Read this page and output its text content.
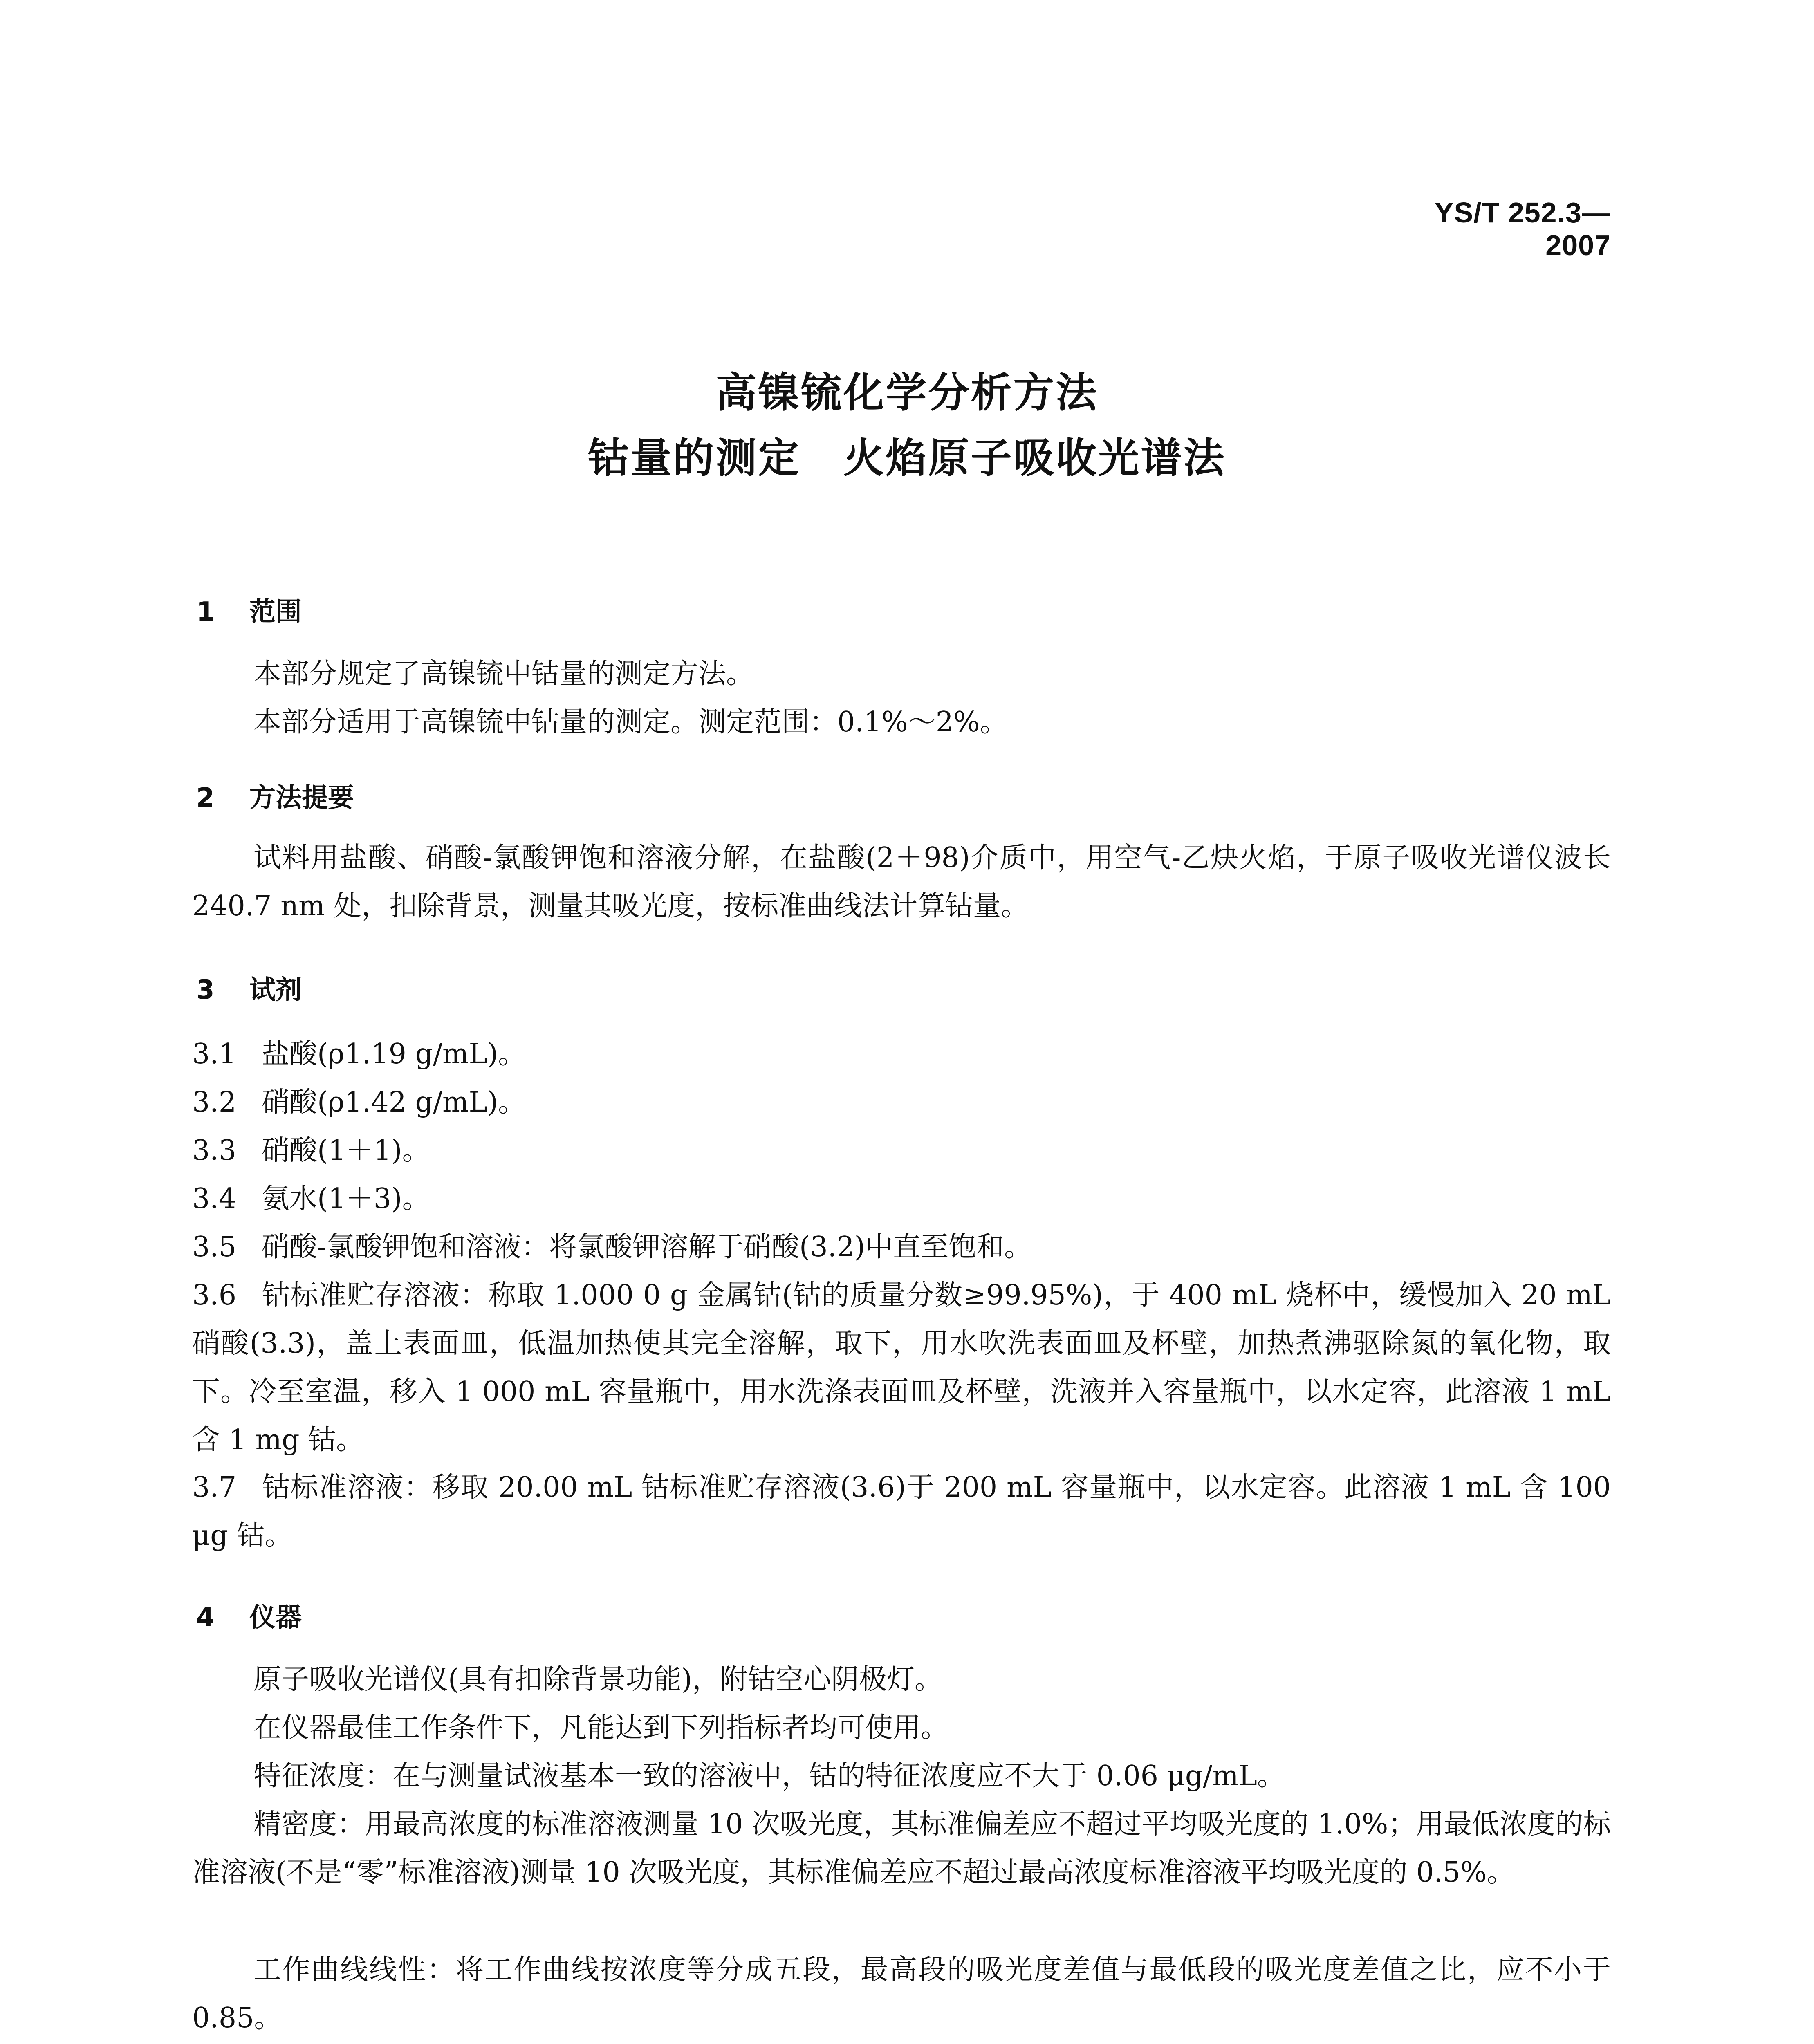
YS/T 252.3—2007
高镍锍化学分析方法
钴量的测定　火焰原子吸收光谱法
1 范围
本部分规定了高镍锍中钴量的测定方法。
本部分适用于高镍锍中钴量的测定。测定范围：0.1%～2%。
2 方法提要
试料用盐酸、硝酸-氯酸钾饱和溶液分解，在盐酸(2＋98)介质中，用空气-乙炔火焰，于原子吸收光谱仪波长 240.7 nm 处，扣除背景，测量其吸光度，按标准曲线法计算钴量。
3 试剂
3.1 盐酸(ρ1.19 g/mL)。
3.2 硝酸(ρ1.42 g/mL)。
3.3 硝酸(1＋1)。
3.4 氨水(1＋3)。
3.5 硝酸-氯酸钾饱和溶液：将氯酸钾溶解于硝酸(3.2)中直至饱和。
3.6 钴标准贮存溶液：称取 1.000 0 g 金属钴(钴的质量分数≥99.95%)，于 400 mL 烧杯中，缓慢加入 20 mL 硝酸(3.3)，盖上表面皿，低温加热使其完全溶解，取下，用水吹洗表面皿及杯壁，加热煮沸驱除氮的氧化物，取下。冷至室温，移入 1 000 mL 容量瓶中，用水洗涤表面皿及杯壁，洗液并入容量瓶中，以水定容，此溶液 1 mL 含 1 mg 钴。
3.7 钴标准溶液：移取 20.00 mL 钴标准贮存溶液(3.6)于 200 mL 容量瓶中，以水定容。此溶液 1 mL 含 100 μg 钴。
4 仪器
原子吸收光谱仪(具有扣除背景功能)，附钴空心阴极灯。
在仪器最佳工作条件下，凡能达到下列指标者均可使用。
特征浓度：在与测量试液基本一致的溶液中，钴的特征浓度应不大于 0.06 μg/mL。
精密度：用最高浓度的标准溶液测量 10 次吸光度，其标准偏差应不超过平均吸光度的 1.0%；用最低浓度的标准溶液(不是“零”标准溶液)测量 10 次吸光度，其标准偏差应不超过最高浓度标准溶液平均吸光度的 0.5%。
工作曲线线性：将工作曲线按浓度等分成五段，最高段的吸光度差值与最低段的吸光度差值之比，应不小于 0.85。
